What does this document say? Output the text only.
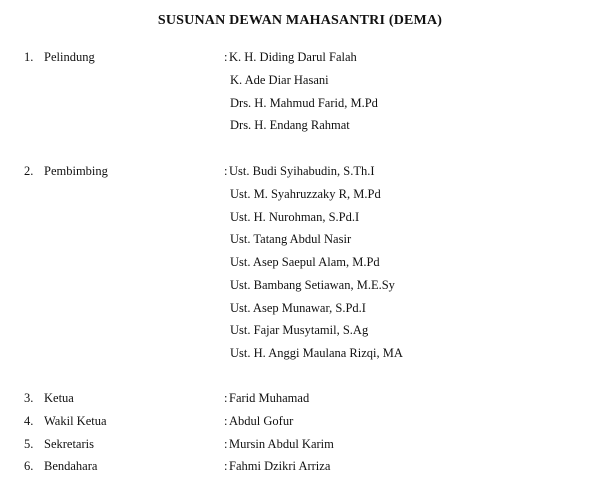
SUSUNAN DEWAN MAHASANTRI (DEMA)
1. Pelindung	: K. H. Diding Darul Falah
K. Ade Diar Hasani
Drs. H. Mahmud Farid, M.Pd
Drs. H. Endang Rahmat
2. Pembimbing	: Ust. Budi Syihabudin, S.Th.I
Ust. M. Syahruzzaky R, M.Pd
Ust. H. Nurohman, S.Pd.I
Ust. Tatang Abdul Nasir
Ust. Asep Saepul Alam, M.Pd
Ust. Bambang Setiawan, M.E.Sy
Ust. Asep Munawar, S.Pd.I
Ust. Fajar Musytamil, S.Ag
Ust. H. Anggi Maulana Rizqi, MA
3. Ketua	: Farid Muhamad
4. Wakil Ketua	: Abdul Gofur
5. Sekretaris	: Mursin Abdul Karim
6. Bendahara	: Fahmi Dzikri Arriza
